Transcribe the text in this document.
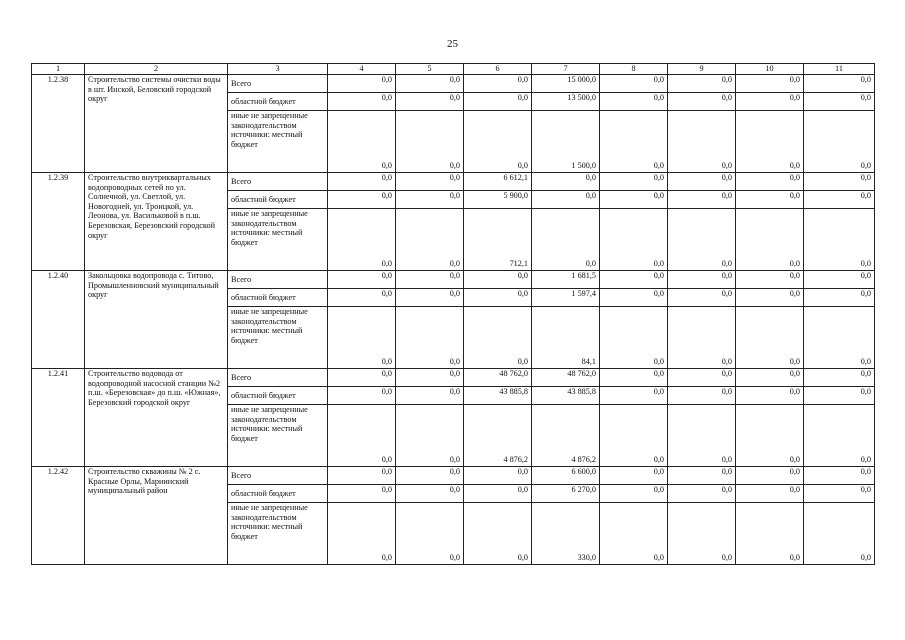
25
1	2	3	4	5	6	7	8	9	10	11
1.2.38	Строительство системы очистки воды в шт. Инской, Беловский городской округ	Всего	0,0	0,0	0,0	15 000,0	0,0	0,0	0,0	0,0
		областной бюджет	0,0	0,0	0,0	13 500,0	0,0	0,0	0,0	0,0
		иные не запрещенные законодательством источники: местный бюджет	0,0	0,0	0,0	1 500,0	0,0	0,0	0,0	0,0
1.2.39	Строительство внутриквартальных водопроводных сетей по ул. Солнечной, ул. Светлой, ул. Новогодней, ул. Троицкой, ул. Леонова, ул. Васильковой в п.ш. Березовская, Березовский городской округ	Всего	0,0	0,0	6 612,1	0,0	0,0	0,0	0,0	0,0
		областной бюджет	0,0	0,0	5 900,0	0,0	0,0	0,0	0,0	0,0
		иные не запрещенные законодательством источники: местный бюджет	0,0	0,0	712,1	0,0	0,0	0,0	0,0	0,0
1.2.40	Закольцовка водопровода с. Титово, Промышленновский муниципальный округ	Всего	0,0	0,0	0,0	1 681,5	0,0	0,0	0,0	0,0
		областной бюджет	0,0	0,0	0,0	1 597,4	0,0	0,0	0,0	0,0
		иные не запрещенные законодательством источники: местный бюджет	0,0	0,0	0,0	84,1	0,0	0,0	0,0	0,0
1.2.41	Строительство водовода от водопроводной насосной станции №2 п.ш. «Березовская» до п.ш. «Южная», Березовский городской округ	Всего	0,0	0,0	48 762,0	48 762,0	0,0	0,0	0,0	0,0
		областной бюджет	0,0	0,0	43 885,8	43 885,8	0,0	0,0	0,0	0,0
		иные не запрещенные законодательством источники: местный бюджет	0,0	0,0	4 876,2	4 876,2	0,0	0,0	0,0	0,0
1.2.42	Строительство скважины № 2 с. Красные Орлы, Мариинский муниципальный район	Всего	0,0	0,0	0,0	6 600,0	0,0	0,0	0,0	0,0
		областной бюджет	0,0	0,0	0,0	6 270,0	0,0	0,0	0,0	0,0
		иные не запрещенные законодательством источники: местный бюджет	0,0	0,0	0,0	330,0	0,0	0,0	0,0	0,0
